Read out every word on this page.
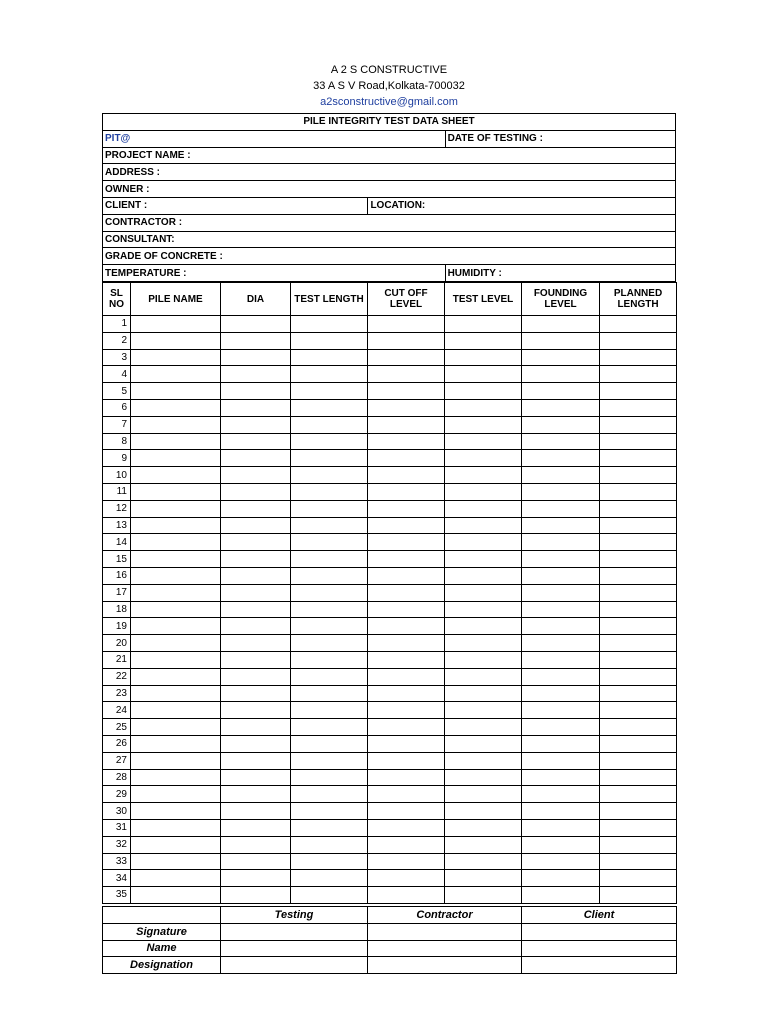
A 2 S CONSTRUCTIVE
33 A S V Road,Kolkata-700032
a2sconstructive@gmail.com
PILE INTEGRITY TEST DATA SHEET		
PIT@		DATE OF TESTING :
PROJECT NAME :		
ADDRESS :		
OWNER :		
CLIENT :	LOCATION:	
CONTRACTOR :		
CONSULTANT:		
GRADE OF CONCRETE :		
TEMPERATURE :		HUMIDITY :
SL NO	PILE NAME	DIA	TEST LENGTH	CUT OFF LEVEL	TEST LEVEL	FOUNDING LEVEL	PLANNED LENGTH
1							
2							
3							
4							
5							
6							
7							
8							
9							
10							
11							
12							
13							
14							
15							
16							
17							
18							
19							
20							
21							
22							
23							
24							
25							
26							
27							
28							
29							
30							
31							
32							
33							
34							
35							
	Testing	Contractor	Client
Signature			
Name			
Designation			
